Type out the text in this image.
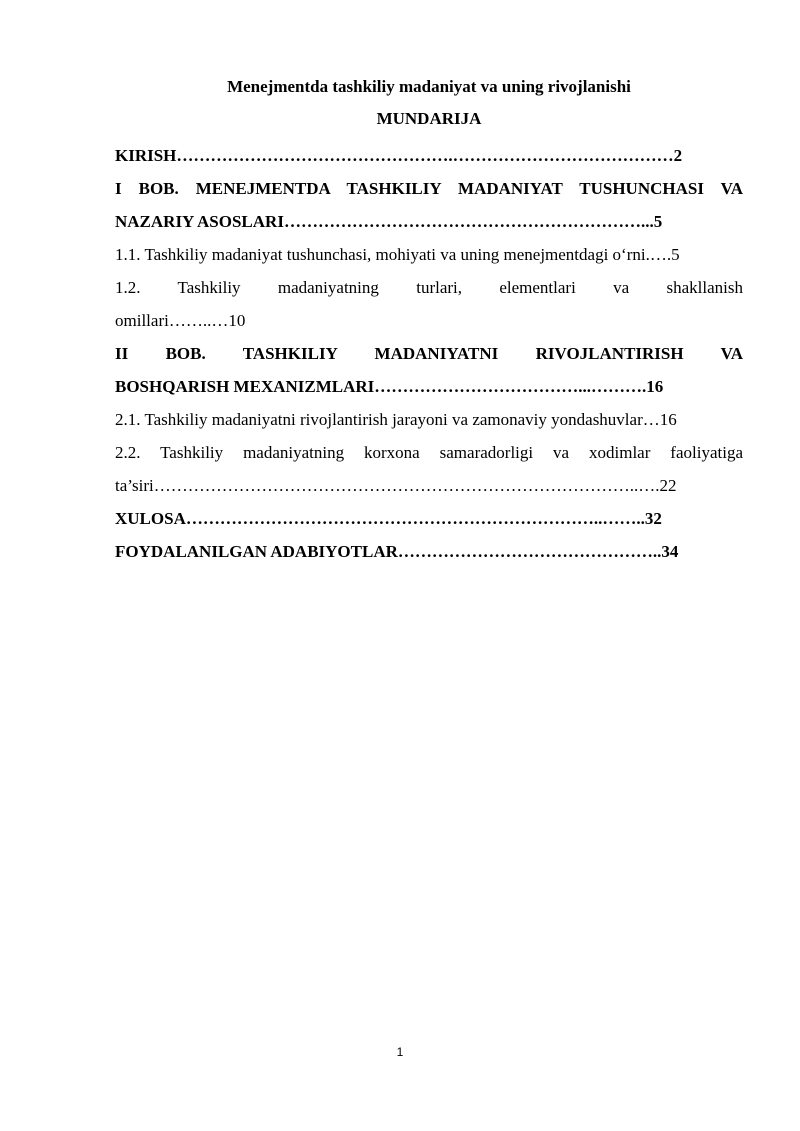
Menejmentda tashkiliy madaniyat va uning rivojlanishi
MUNDARIJA
KIRISH………………………………………….…………………………………2
I BOB. MENEJMENTDA TASHKILIY MADANIYAT TUSHUNCHASI VA
NAZARIY ASOSLARI………………………………………………………...5
1.1. Tashkiliy madaniyat tushunchasi, mohiyati va uning menejmentdagi o‘rni.….5
1.2. Tashkiliy madaniyatning turlari, elementlari va shakllanish
omillari……..…10
II BOB. TASHKILIY MADANIYATNI RIVOJLANTIRISH VA
BOSHQARISH MEXANIZMLARI………………………………...……….16
2.1. Tashkiliy madaniyatni rivojlantirish jarayoni va zamonaviy yondashuvlar…16
2.2. Tashkiliy madaniyatning korxona samaradorligi va xodimlar faoliyatiga
ta’siri…………………………………………………………………………..….22
XULOSA………………………………………………………………..……..32
FOYDALANILGAN ADABIYOTLAR………………………………………..34
1
